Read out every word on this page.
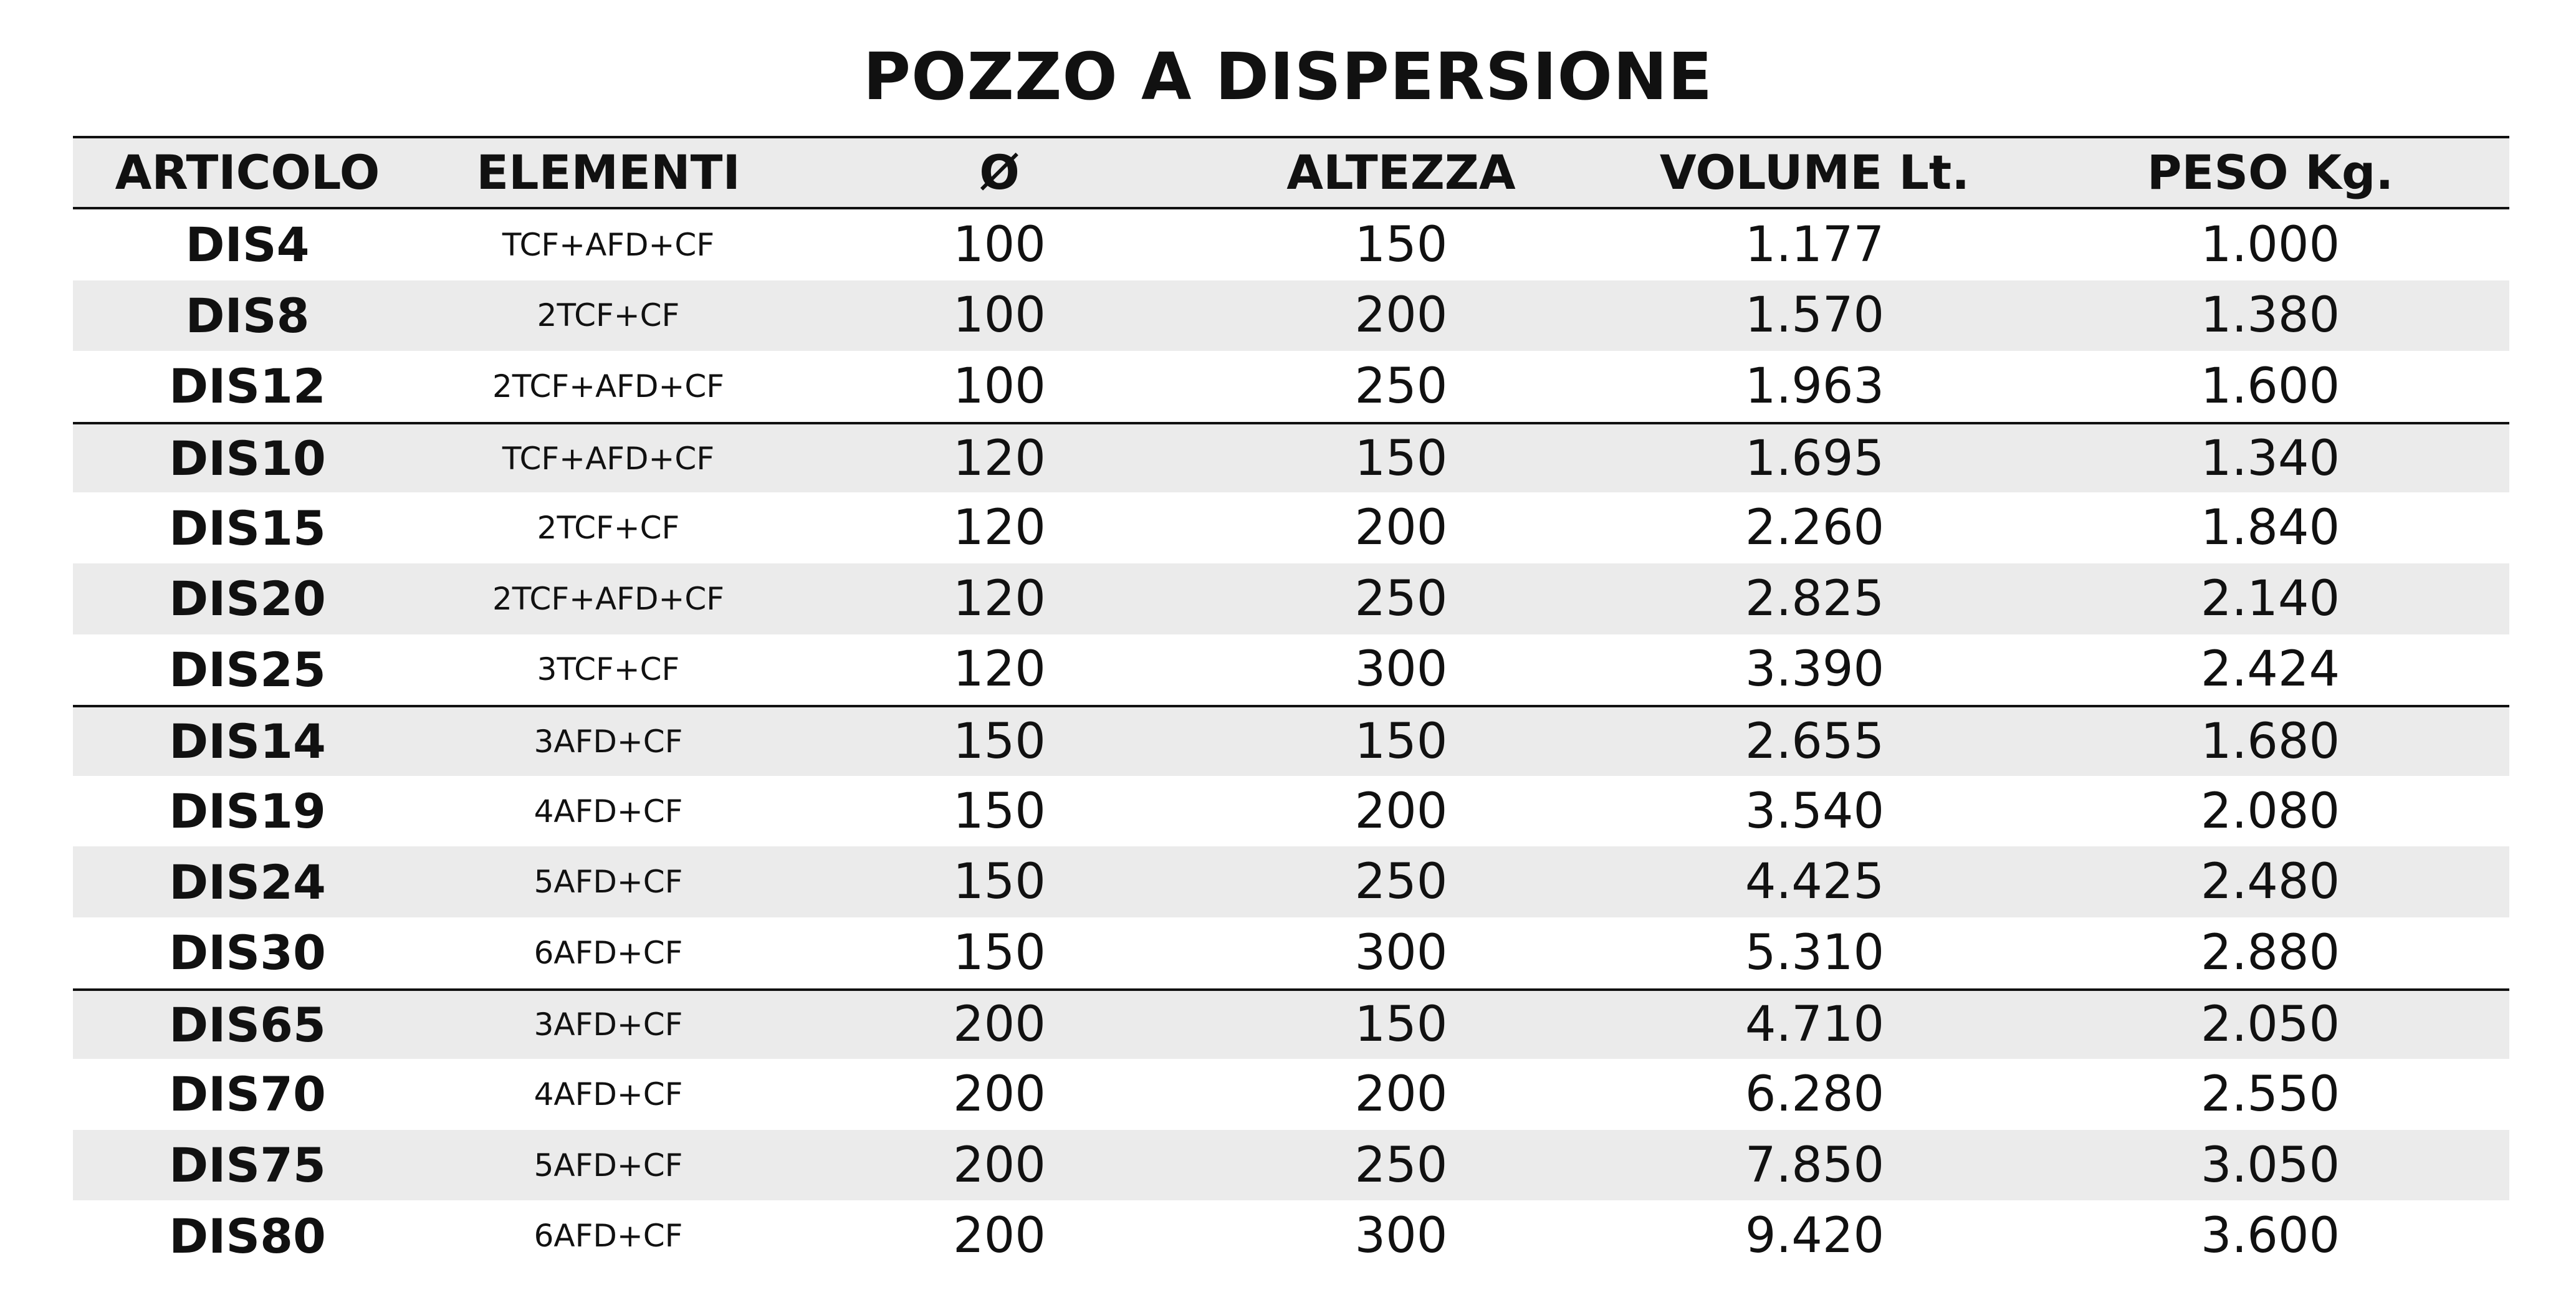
POZZO A DISPERSIONE
ARTICOLO	ELEMENTI	Ø	ALTEZZA	VOLUME Lt.	PESO Kg.
DIS4	TCF+AFD+CF	100	150	1.177	1.000
DIS8	2TCF+CF	100	200	1.570	1.380
DIS12	2TCF+AFD+CF	100	250	1.963	1.600
DIS10	TCF+AFD+CF	120	150	1.695	1.340
DIS15	2TCF+CF	120	200	2.260	1.840
DIS20	2TCF+AFD+CF	120	250	2.825	2.140
DIS25	3TCF+CF	120	300	3.390	2.424
DIS14	3AFD+CF	150	150	2.655	1.680
DIS19	4AFD+CF	150	200	3.540	2.080
DIS24	5AFD+CF	150	250	4.425	2.480
DIS30	6AFD+CF	150	300	5.310	2.880
DIS65	3AFD+CF	200	150	4.710	2.050
DIS70	4AFD+CF	200	200	6.280	2.550
DIS75	5AFD+CF	200	250	7.850	3.050
DIS80	6AFD+CF	200	300	9.420	3.600
